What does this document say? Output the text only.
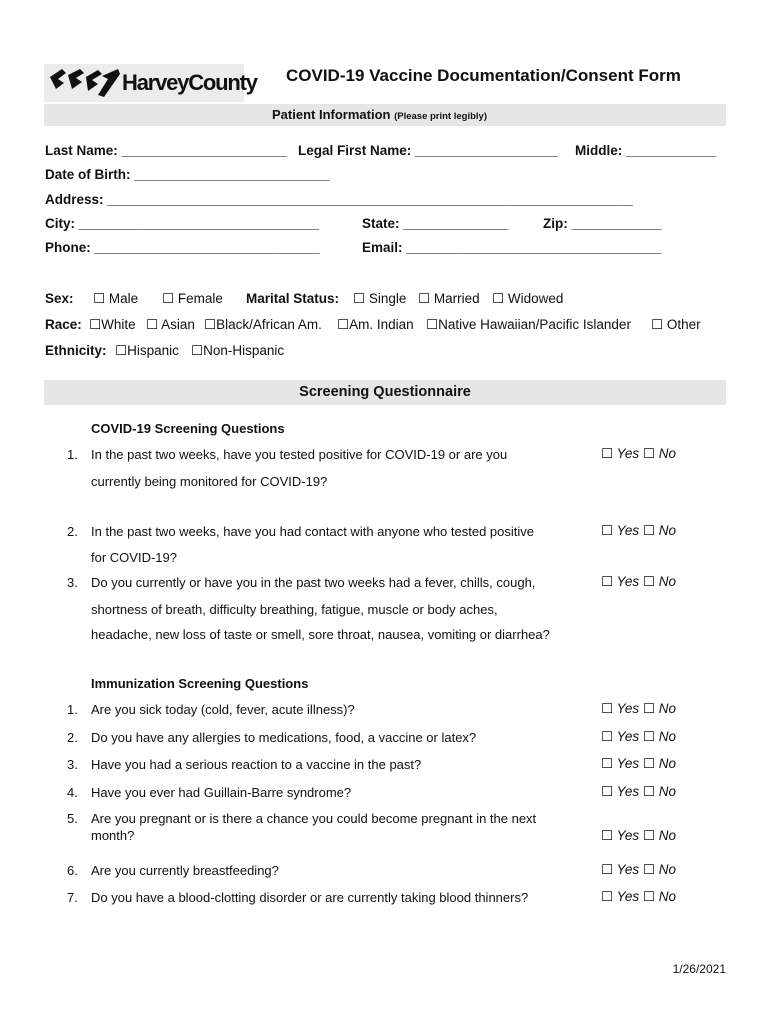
HarveyCounty COVID-19 Vaccine Documentation/Consent Form
Patient Information (Please print legibly)
Last Name: ______________________ Legal First Name: ___________________ Middle: ____________
Date of Birth: __________________________
Address: ______________________________________________________________________
City: ________________________________	State: ______________	Zip: ____________
Phone: ______________________________	Email: __________________________________
Sex: ☐ Male ☐ Female Marital Status: ☐ Single ☐ Married ☐ Widowed
Race: ☐White ☐ Asian ☐Black/African Am. ☐Am. Indian ☐Native Hawaiian/Pacific Islander ☐ Other
Ethnicity: ☐Hispanic ☐Non-Hispanic
Screening Questionnaire
COVID-19 Screening Questions
1. In the past two weeks, have you tested positive for COVID-19 or are you
currently being monitored for COVID-19?
☐ Yes ☐ No
2. In the past two weeks, have you had contact with anyone who tested positive
for COVID-19?
☐ Yes ☐ No
3. Do you currently or have you in the past two weeks had a fever, chills, cough,
shortness of breath, difficulty breathing, fatigue, muscle or body aches,
headache, new loss of taste or smell, sore throat, nausea, vomiting or diarrhea?
☐ Yes ☐ No
Immunization Screening Questions
1. Are you sick today (cold, fever, acute illness)?	☐ Yes ☐ No
2. Do you have any allergies to medications, food, a vaccine or latex?	☐ Yes ☐ No
3. Have you had a serious reaction to a vaccine in the past?	☐ Yes ☐ No
4. Have you ever had Guillain-Barre syndrome?	☐ Yes ☐ No
5. Are you pregnant or is there a chance you could become pregnant in the next
month?	☐ Yes ☐ No
6. Are you currently breastfeeding?	☐ Yes ☐ No
7. Do you have a blood-clotting disorder or are currently taking blood thinners?	☐ Yes ☐ No
1/26/2021
